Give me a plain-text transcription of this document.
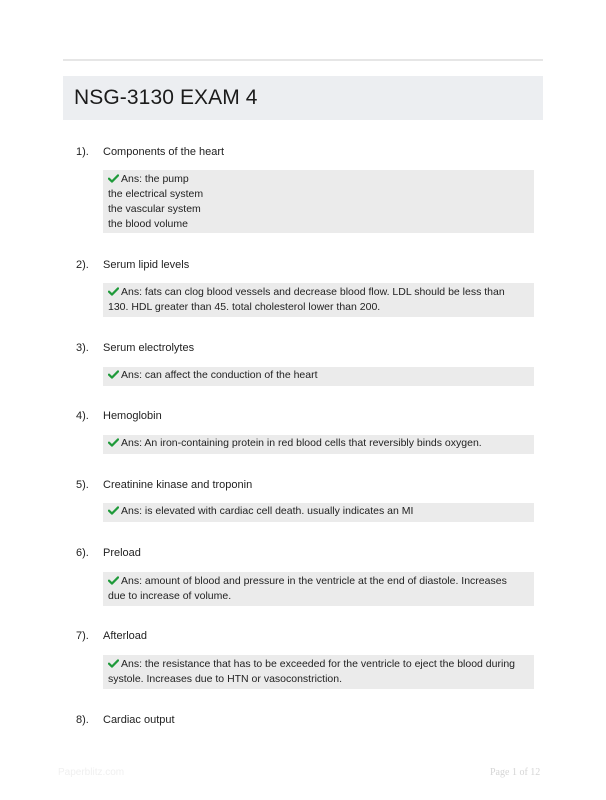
NSG-3130 EXAM 4
1). Components of the heart
Ans: the pump
the electrical system
the vascular system
the blood volume
2). Serum lipid levels
Ans: fats can clog blood vessels and decrease blood flow. LDL should be less than
130. HDL greater than 45. total cholesterol lower than 200.
3). Serum electrolytes
Ans: can affect the conduction of the heart
4). Hemoglobin
Ans: An iron-containing protein in red blood cells that reversibly binds oxygen.
5). Creatinine kinase and troponin
Ans: is elevated with cardiac cell death. usually indicates an MI
6). Preload
Ans: amount of blood and pressure in the ventricle at the end of diastole. Increases
due to increase of volume.
7). Afterload
Ans: the resistance that has to be exceeded for the ventricle to eject the blood during
systole. Increases due to HTN or vasoconstriction.
8). Cardiac output
Paperblitz.com	Page 1 of 12
